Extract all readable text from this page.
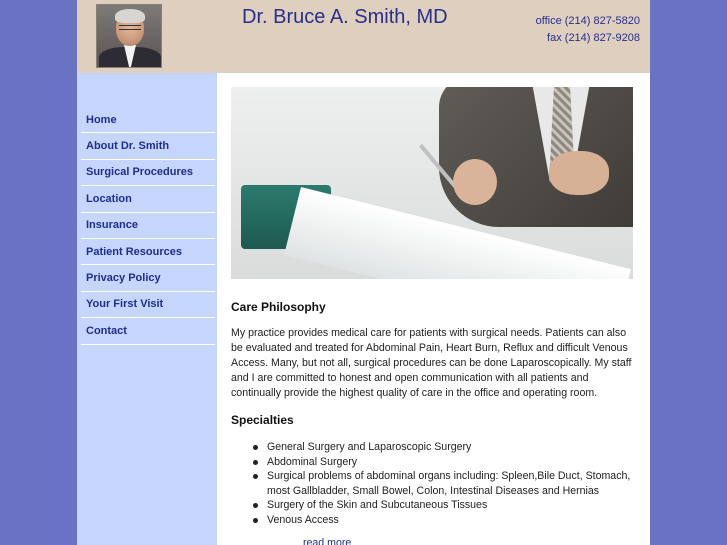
Dr. Bruce A. Smith, MD	office (214) 827-5820
fax (214) 827-9208
Home
About Dr. Smith
Surgical Procedures
Location
Insurance
Patient Resources
Privacy Policy
Your First Visit
Contact
Care Philosophy
My practice provides medical care for patients with surgical needs. Patients can also be evaluated and treated for Abdominal Pain, Heart Burn, Reflux and difficult Venous Access. Many, but not all, surgical procedures can be done Laparoscopically. My staff and I are committed to honest and open communication with all patients and continually provide the highest quality of care in the office and operating room.
Specialties
General Surgery and Laparoscopic Surgery
Abdominal Surgery
Surgical problems of abdominal organs including: Spleen,Bile Duct, Stomach, most Gallbladder, Small Bowel, Colon, Intestinal Diseases and Hernias
Surgery of the Skin and Subcutaneous Tissues
Venous Access
read more
